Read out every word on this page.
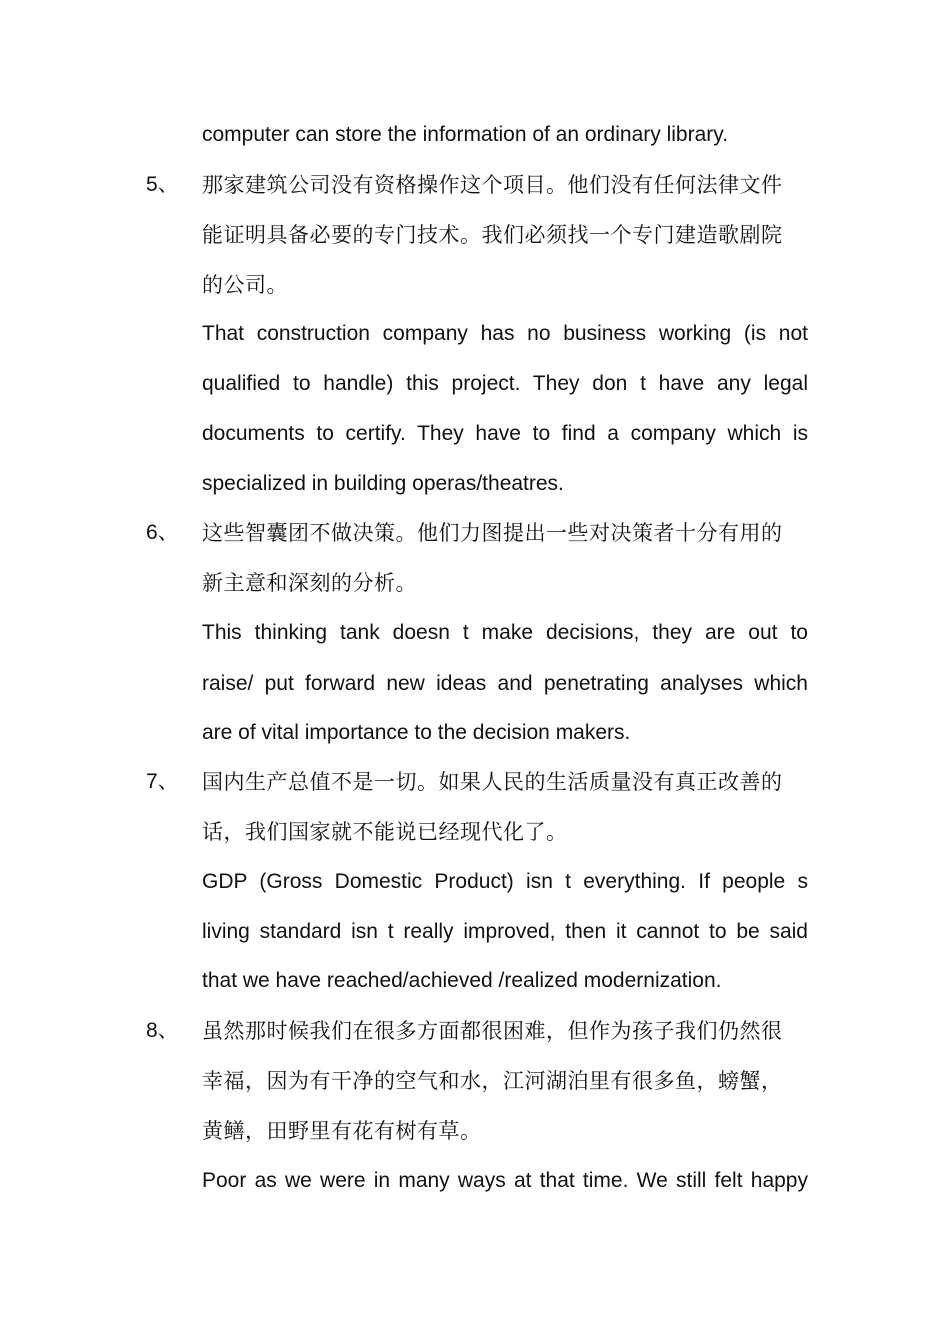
computer can store the information of an ordinary library.
5、	那家建筑公司没有资格操作这个项目。他们没有任何法律文件
能证明具备必要的专门技术。我们必须找一个专门建造歌剧院
的公司。
That construction company has no business working (is not
qualified to handle) this project. They don t have any legal
documents to certify. They have to find a company which is
specialized in building operas/theatres.
6、	这些智囊团不做决策。他们力图提出一些对决策者十分有用的
新主意和深刻的分析。
This thinking tank doesn t make decisions, they are out to
raise/ put forward new ideas and penetrating analyses which
are of vital importance to the decision makers.
7、	国内生产总值不是一切。如果人民的生活质量没有真正改善的
话，我们国家就不能说已经现代化了。
GDP (Gross Domestic Product) isn t everything. If people s
living standard isn t really improved, then it cannot to be said
that we have reached/achieved /realized modernization.
8、	虽然那时候我们在很多方面都很困难，但作为孩子我们仍然很
幸福，因为有干净的空气和水，江河湖泊里有很多鱼，螃蟹，
黄鳝，田野里有花有树有草。
Poor as we were in many ways at that time. We still felt happy
